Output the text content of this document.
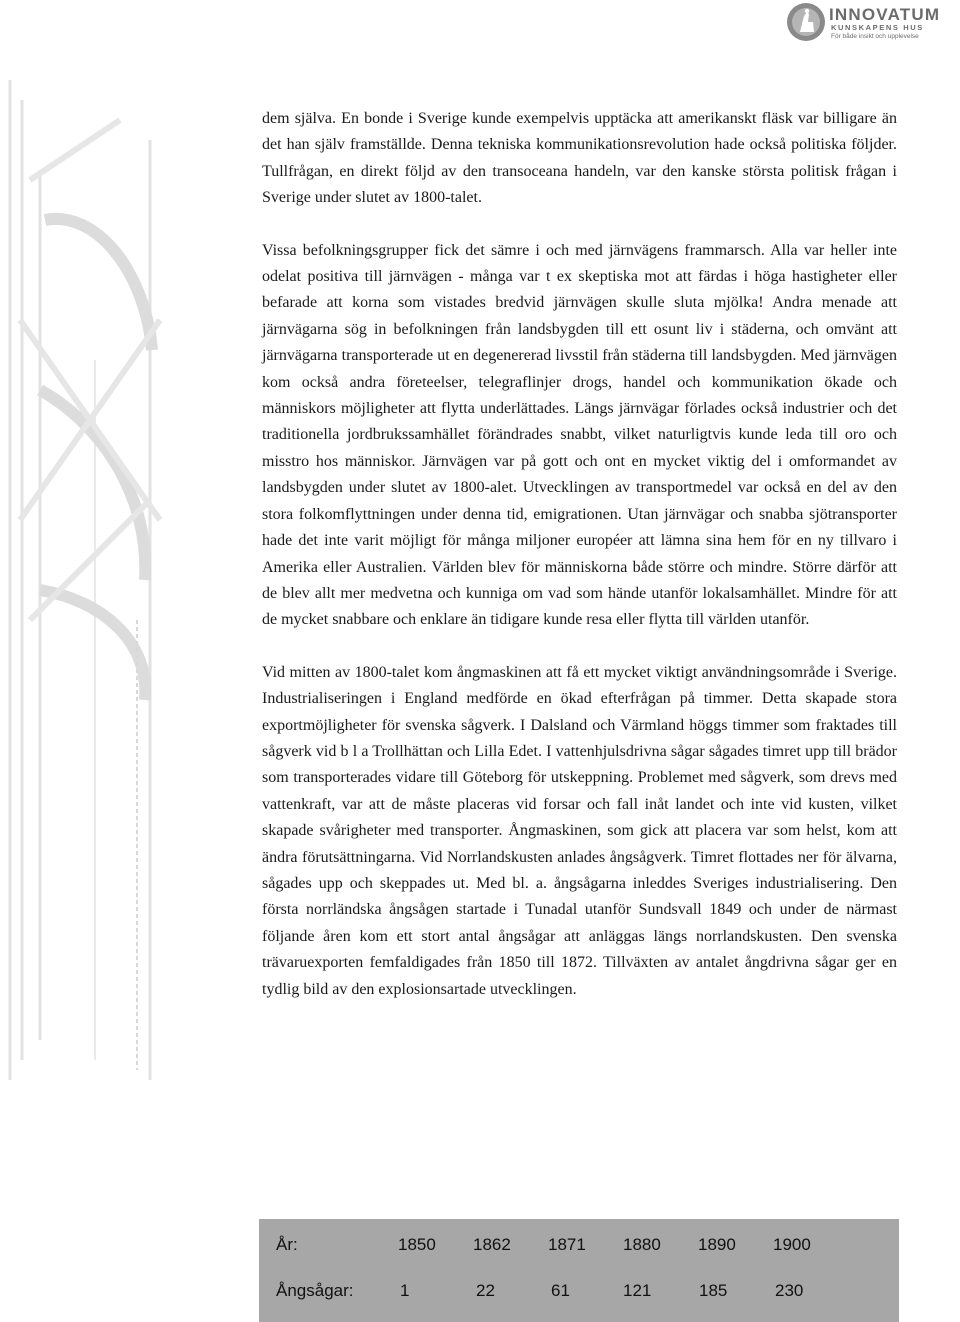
INNOVATUM
KUNSKAPENS HUS
För både insikt och upplevelse

dem själva. En bonde i Sverige kunde exempelvis upptäcka att amerikanskt fläsk var billigare än det han själv framställde. Denna tekniska kommunikationsrevolution hade också politiska följder. Tullfrågan, en direkt följd av den transoceana handeln, var den kanske största politisk frågan i Sverige under slutet av 1800-talet.

Vissa befolkningsgrupper fick det sämre i och med järnvägens frammarsch. Alla var heller inte odelat positiva till järnvägen - många var t ex skeptiska mot att färdas i höga hastigheter eller befarade att korna som vistades bredvid järnvägen skulle sluta mjölka! Andra menade att järnvägarna sög in befolkningen från landsbygden till ett osunt liv i städerna, och omvänt att järnvägarna transporterade ut en degenererad livsstil från städerna till landsbygden. Med järnvägen kom också andra företeelser, telegraflinjer drogs, handel och kommunikation ökade och människors möjligheter att flytta underlättades. Längs järnvägar förlades också industrier och det traditionella jordbrukssamhället förändrades snabbt, vilket naturligtvis kunde leda till oro och misstro hos människor. Järnvägen var på gott och ont en mycket viktig del i omformandet av landsbygden under slutet av 1800-alet. Utvecklingen av transportmedel var också en del av den stora folkomflyttningen under denna tid, emigrationen. Utan järnvägar och snabba sjötransporter hade det inte varit möjligt för många miljoner européer att lämna sina hem för en ny tillvaro i Amerika eller Australien. Världen blev för människorna både större och mindre. Större därför att de blev allt mer medvetna och kunniga om vad som hände utanför lokalsamhället. Mindre för att de mycket snabbare och enklare än tidigare kunde resa eller flytta till världen utanför.

Vid mitten av 1800-talet kom ångmaskinen att få ett mycket viktigt användningsområde i Sverige. Industrialiseringen i England medförde en ökad efterfrågan på timmer. Detta skapade stora exportmöjligheter för svenska sågverk. I Dalsland och Värmland höggs timmer som fraktades till sågverk vid b l a Trollhättan och Lilla Edet. I vattenhjulsdrivna sågar sågades timret upp till brädor som transporterades vidare till Göteborg för utskeppning. Problemet med sågverk, som drevs med vattenkraft, var att de måste placeras vid forsar och fall inåt landet och inte vid kusten, vilket skapade svårigheter med transporter. Ångmaskinen, som gick att placera var som helst, kom att ändra förutsättningarna. Vid Norrlandskusten anlades ångsågverk. Timret flottades ner för älvarna, sågades upp och skeppades ut. Med bl. a. ångsågarna inleddes Sveriges industrialisering. Den första norrländska ångsågen startade i Tunadal utanför Sundsvall 1849 och under de närmast följande åren kom ett stort antal ångsågar att anläggas längs norrlandskusten. Den svenska trävaruexporten femfaldigades från 1850 till 1872. Tillväxten av antalet ångdrivna sågar ger en tydlig bild av den explosionsartade utvecklingen.

År:	1850 1862 1871 1880 1890 1900
Ångsågar:	1	22	61	121	185	230
